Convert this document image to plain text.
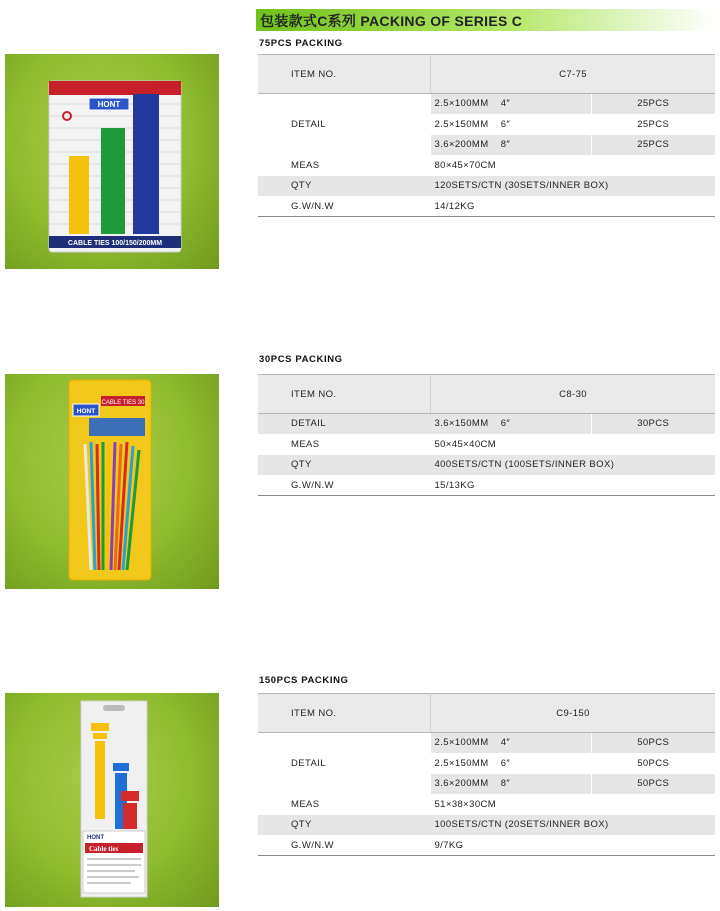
包装款式C系列 PACKING OF SERIES C
75PCS PACKING
HONT
CABLE TIES 100/150/200MM
ITEM NO.	C7-75	
DETAIL	2.5×100MM    4″	25PCS
	2.5×150MM    6″	25PCS
	3.6×200MM    8″	25PCS
MEAS	80×45×70CM	
QTY	120SETS/CTN (30SETS/INNER BOX)	
G.W/N.W	14/12KG	
30PCS PACKING
HONT
CABLE TIES 30
ITEM NO.	C8-30	
DETAIL	3.6×150MM    6″	30PCS
MEAS	50×45×40CM	
QTY	400SETS/CTN (100SETS/INNER BOX)	
G.W/N.W	15/13KG	
150PCS PACKING
HONT
Cable ties
ITEM NO.	C9-150	
DETAIL	2.5×100MM    4″	50PCS
	2.5×150MM    6″	50PCS
	3.6×200MM    8″	50PCS
MEAS	51×38×30CM	
QTY	100SETS/CTN (20SETS/INNER BOX)	
G.W/N.W	9/7KG	
